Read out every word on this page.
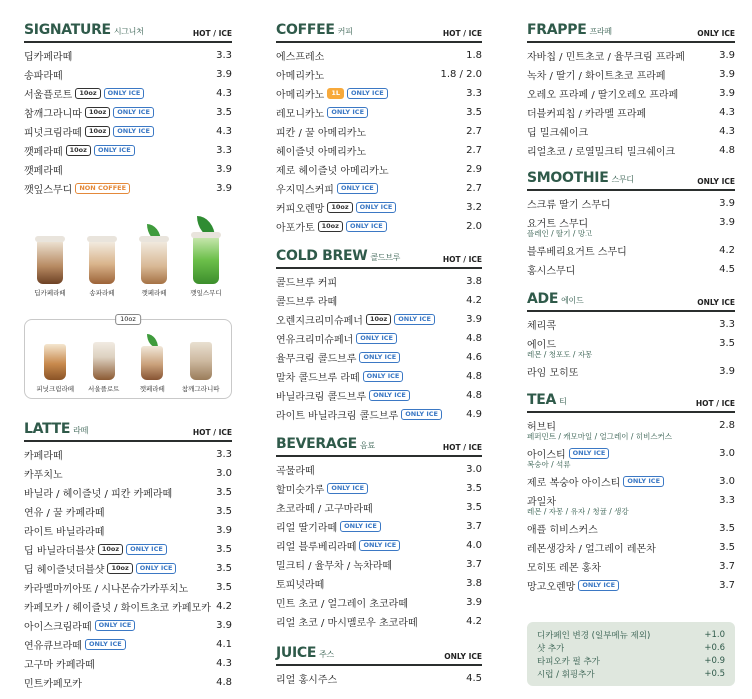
SIGNATURE 시그니처	HOT / ICE
딥카페라떼	3.3
송파라떼	3.9
서울플로트	10oz	ONLY ICE	4.3
참깨그라니따	10oz	ONLY ICE	3.5
피넛크림라떼	10oz	ONLY ICE	4.3
깻페라떼	10oz	ONLY ICE	3.3
깻페라떼	3.9
깻잎스무디	NON COFFEE	3.9
딥카페라떼	송파라떼	깻페라떼	깻잎스무디
10oz
피넛크림라떼 서울플로트	깻페라떼	참깨그라니따
LATTE 라떼	HOT / ICE
카페라떼	3.3
카푸치노	3.0
바닐라 / 헤이즐넛 / 피칸 카페라떼	3.5
연유 / 꿀 카페라떼	3.5
라이트 바닐라라떼	3.9
딥 바닐라더블샷	10oz	ONLY ICE	3.5
딥 헤이즐넛더블샷	10oz	ONLY ICE	3.5
카라멜마끼아또 / 시나몬슈가카푸치노	3.5
카페모카 / 헤이즐넛 / 화이트초코 카페모카 4.2
아이스크림라떼	ONLY ICE	3.9
연유큐브라떼	ONLY ICE	4.1
고구마 카페라떼	4.3
민트카페모카	4.8
COFFEE 커피	HOT / ICE
에스프레소	1.8
아메리카노	1.8 / 2.0
아메리카노	1L	ONLY ICE	3.3
레모니카노	ONLY ICE	3.5
피칸 / 꿀 아메리카노	2.7
헤이즐넛 아메리카노	2.7
제로 헤이즐넛 아메리카노	2.9
우지믹스커피	ONLY ICE	2.7
커피오렌망	10oz	ONLY ICE	3.2
아포가토	10oz	ONLY ICE	2.0
COLD BREW 콜드브루	HOT / ICE
콜드브루 커피	3.8
콜드브루 라떼	4.2
오렌지크리미슈페너	10oz	ONLY ICE	3.9
연유크리미슈페너	ONLY ICE	4.8
율무크림 콜드브루	ONLY ICE	4.6
말차 콜드브루 라떼	ONLY ICE	4.8
바닐라크림 콜드브루	ONLY ICE	4.8
라이트 바닐라크림 콜드브루	ONLY ICE	4.9
BEVERAGE 음료	HOT / ICE
곡물라떼	3.0
할미숫가루	ONLY ICE	3.5
초코라떼 / 고구마라떼	3.5
리얼 딸기라떼	ONLY ICE	3.7
리얼 블루베리라떼	ONLY ICE	4.0
밀크티 / 율무차 / 녹차라떼	3.7
토피넛라떼	3.8
민트 초코 / 얼그레이 초코라떼	3.9
리얼 초코 / 마시멜로우 초코라떼	4.2
JUICE 주스	ONLY ICE
리얼 홍시주스	4.5
FRAPPE 프라페	ONLY ICE
자바칩 / 민트초코 / 율무크림 프라페	3.9
녹차 / 딸기 / 화이트초코 프라페	3.9
오레오 프라페 / 딸기오레오 프라페	3.9
더블커피칩 / 카라멜 프라페	4.3
딥 밀크쉐이크	4.3
리얼초코 / 로열밀크티 밀크쉐이크	4.8
SMOOTHIE 스무디	ONLY ICE
스크류 딸기 스무디	3.9
요거트 스무디	3.9
플레인 / 딸기 / 망고
블루베리요거트 스무디	4.2
홍시스무디	4.5
ADE 에이드	ONLY ICE
체리콕	3.3
에이드	3.5
레몬 / 청포도 / 자몽
라임 모히또	3.9
TEA 티	HOT / ICE
허브티	2.8
페퍼민트 / 캐모마일 / 얼그레이 / 히비스커스
아이스티	ONLY ICE	3.0
복숭아 / 석류
제로 복숭아 아이스티	ONLY ICE	3.0
과일차	3.3
레몬 / 자몽 / 유자 / 청귤 / 생강
애플 히비스커스	3.5
레몬생강차 / 얼그레이 레몬차	3.5
모히또 레몬 홍차	3.7
망고오렌망	ONLY ICE	3.7
디카페인 변경 (일부메뉴 제외)	+1.0
샷 추가	+0.6
타피오카 펄 추가	+0.9
시럽 / 휘핑추가	+0.5
